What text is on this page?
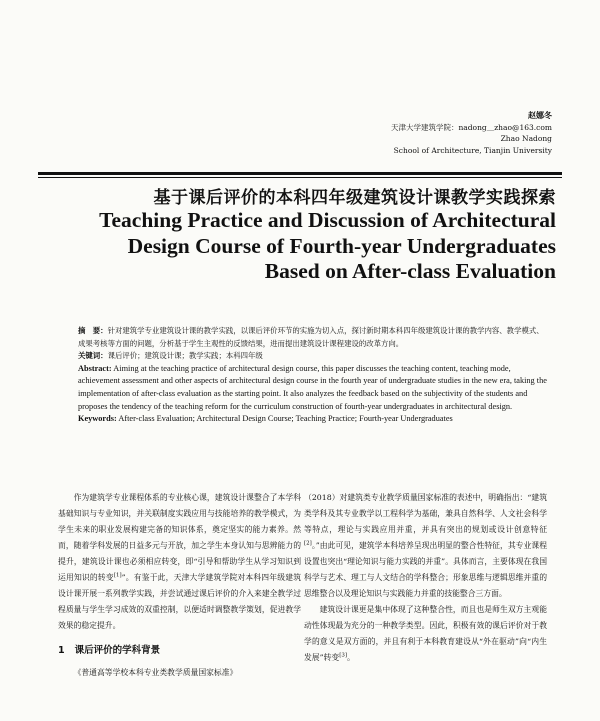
赵娜冬
天津大学建筑学院：nadong＿zhao@163.com
Zhao Nadong
School of Architecture, Tianjin University
基于课后评价的本科四年级建筑设计课教学实践探索
Teaching Practice and Discussion of Architectural
Design Course of Fourth-year Undergraduates
Based on After-class Evaluation

摘　要：针对建筑学专业建筑设计课的教学实践，以课后评价环节的实施为切入点，探讨新时期本科四年级建筑设计课的教学内容、教学模式、成果考核等方面的问题，分析基于学生主观性的反馈结果，进而提出建筑设计课程建设的改革方向。

关键词：课后评价；建筑设计课；教学实践；本科四年级

Abstract: Aiming at the teaching practice of architectural design course, this paper discusses the teaching content, teaching mode, achievement assessment and other aspects of architectural design course in the fourth year of undergraduate studies in the new era, taking the implementation of after-class evaluation as the starting point. It also analyzes the feedback based on the subjectivity of the students and proposes the tendency of the teaching reform for the curriculum construction of fourth-year undergraduates in architectural design.

Keywords: After-class Evaluation; Architectural Design Course; Teaching Practice; Fourth-year Undergraduates

作为建筑学专业课程体系的专业核心课，建筑设计课整合了本学科基础知识与专业知识，并关联制度实践应用与技能培养的教学模式，为学生未来的职业发展构建完备的知识体系，奠定坚实的能力素养。然而，随着学科发展的日益多元与开放，加之学生本身认知与思辨能力的提升，建筑设计课也必须相应转变，即“引导和帮助学生从学习知识到运用知识的转变[1]”。有鉴于此，天津大学建筑学院对本科四年级建筑设计课开展一系列教学实践，并尝试通过课后评价的介入来建全教学过程质量与学生学习成效的双重控制，以便适时调整教学策划，促进教学效果的稳定提升。

1 课后评价的学科背景

《普通高等学校本科专业类教学质量国家标准》

（2018）对建筑类专业教学质量国家标准的表述中，明确指出：“建筑类学科及其专业教学以工程科学为基础，兼具自然科学、人文社会科学等特点，理论与实践应用并重，并具有突出的规划或设计创意特征[2]。”由此可见，建筑学本科培养呈现出明显的整合性特征，其专业课程设置也突出“理论知识与能力实践的并重”。具体而言，主要体现在我国科学与艺术、理工与人文结合的学科整合；形象思维与逻辑思维并重的思维整合以及理论知识与实践能力并重的技能整合三方面。

建筑设计课更是集中体现了这种整合性，而且也是师生双方主观能动性体现最为充分的一种教学类型。因此，积极有效的课后评价对于教学的意义是双方面的，并且有利于本科教育建设从“外在驱动”向“内生发展”转变[3]。
